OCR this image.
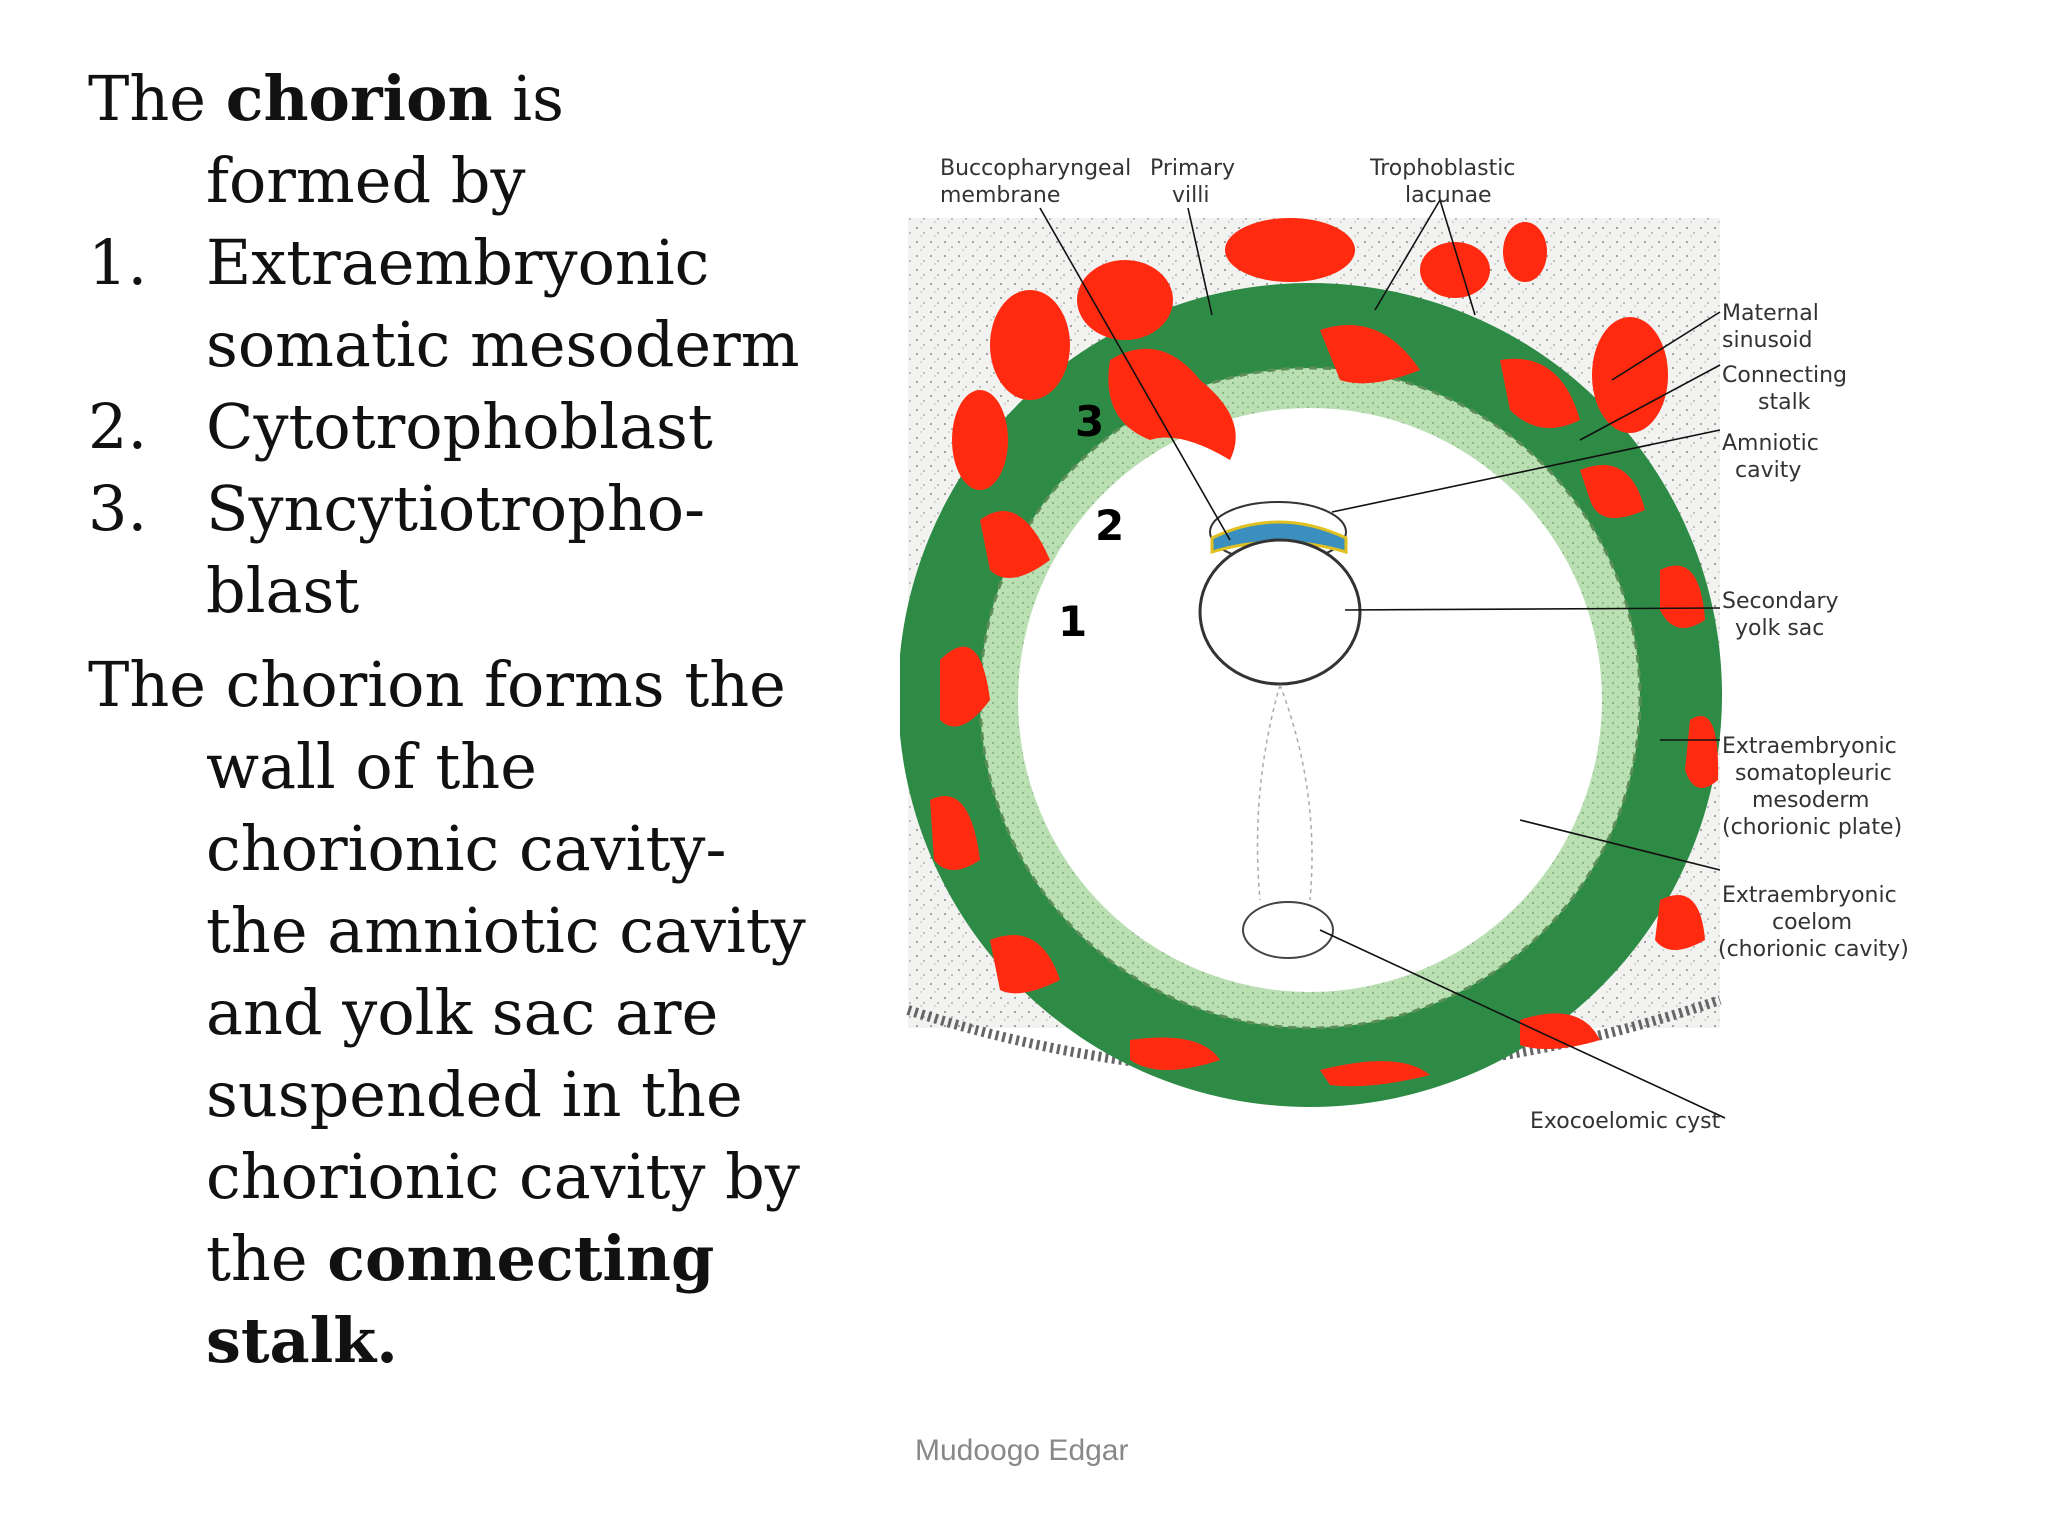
The chorion is formed by

1. Extraembryonic somatic mesoderm
2. Cytotrophoblast
3. Syncytiotropho-blast

The chorion forms the wall of the chorionic cavity- the amniotic cavity and yolk sac are suspended in the chorionic cavity by the connecting stalk.

Buccopharyngeal
membrane
Primary
villi
Trophoblastic
lacunae
Maternal
sinusoid
Connecting
stalk
Amniotic
cavity
Secondary
yolk sac
Extraembryonic
somatopleuric
mesoderm
(chorionic plate)
Extraembryonic
coelom
(chorionic cavity)
Exocoelomic cyst
3
2
1
Mudoogo Edgar
